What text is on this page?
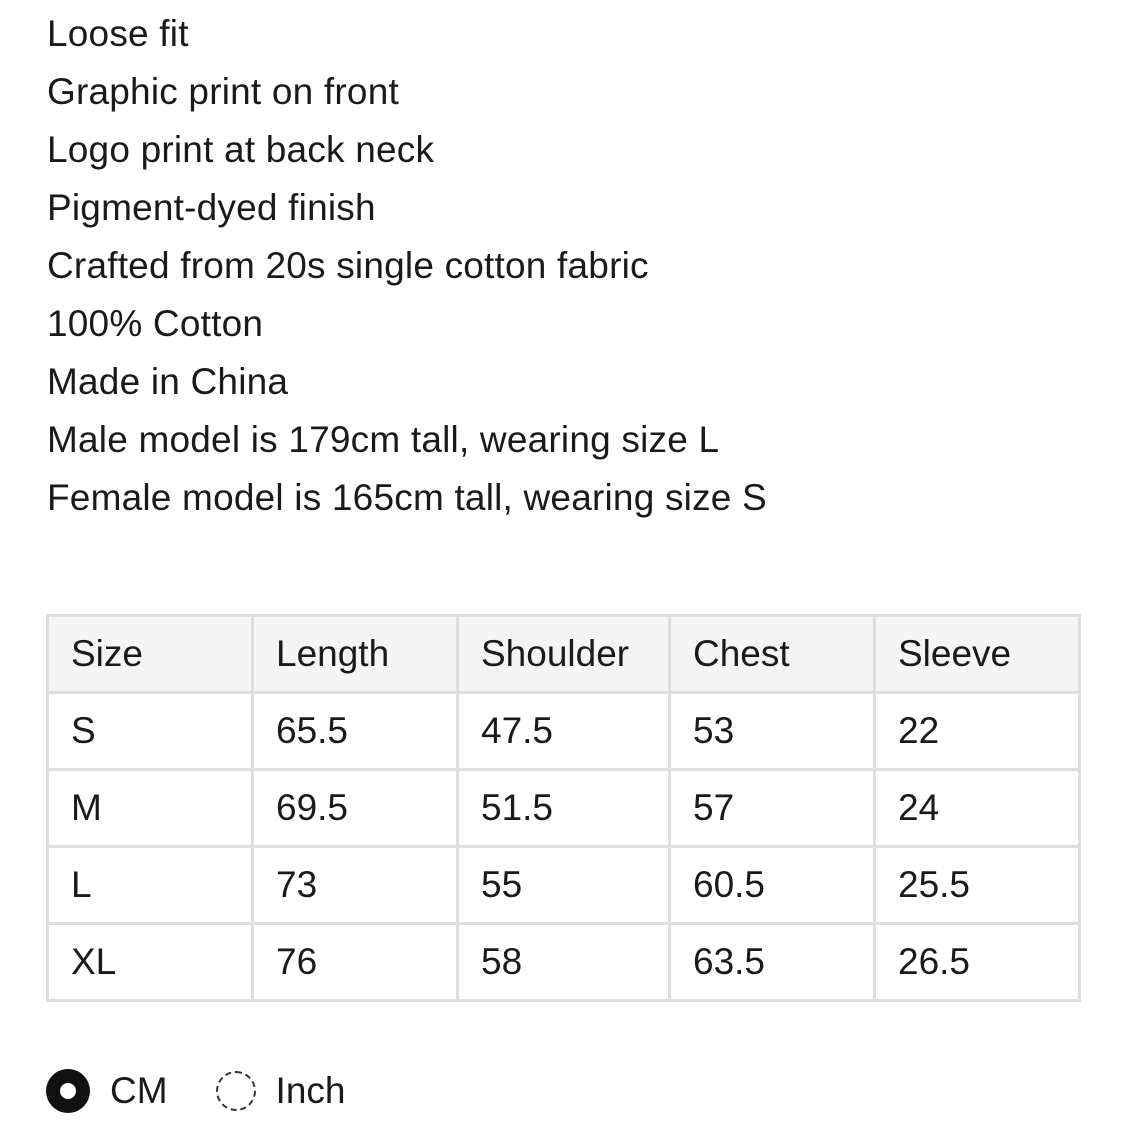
Loose fit
Graphic print on front
Logo print at back neck
Pigment-dyed finish
Crafted from 20s single cotton fabric
100% Cotton
Made in China
Male model is 179cm tall, wearing size L
Female model is 165cm tall, wearing size S
Size	Length	Shoulder	Chest	Sleeve
S	65.5	47.5	53	22
M	69.5	51.5	57	24
L	73	55	60.5	25.5
XL	76	58	63.5	26.5
CM	Inch
